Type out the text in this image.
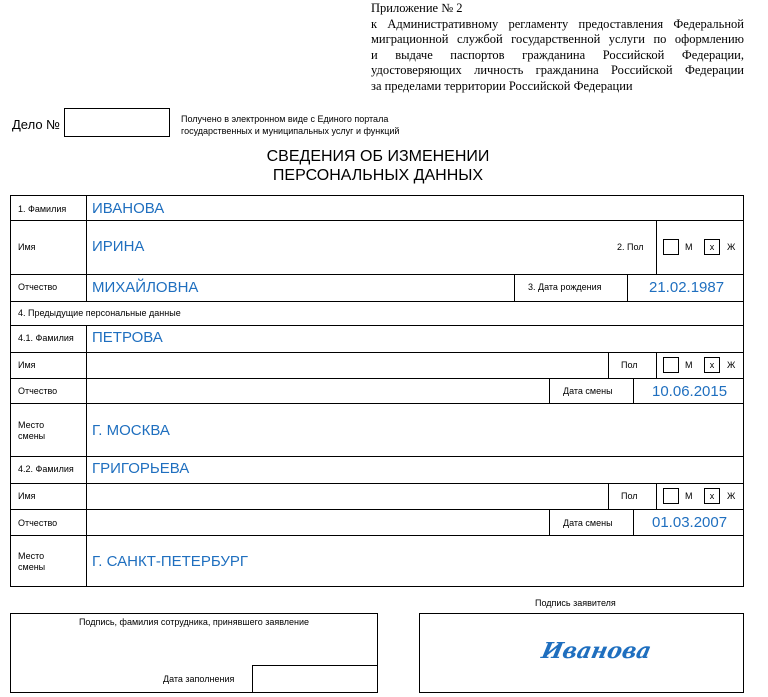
Приложение № 2
к Административному регламенту предоставления Федеральной
миграционной службой государственной услуги по оформлению
и выдаче паспортов гражданина Российской Федерации,
удостоверяющих личность гражданина Российской Федерации
за пределами территории Российской Федерации
Дело №	Получено в электронном виде с Единого портала
государственных и муниципальных услуг и функций
СВЕДЕНИЯ ОБ ИЗМЕНЕНИИ
ПЕРСОНАЛЬНЫХ ДАННЫХ
1. Фамилия ИВАНОВА
Имя	ИРИНА	2. Пол	М	х	Ж
Отчество МИХАЙЛОВНА	3. Дата рождения	21.02.1987
4. Предыдущие персональные данные
4.1. Фамилия ПЕТРОВА
Имя	Пол	М	х	Ж
Отчество	Дата смены	10.06.2015
Место
смены	Г. МОСКВА
4.2. Фамилия ГРИГОРЬЕВА
Имя	Пол	М	х	Ж
Отчество	Дата смены	01.03.2007
Место
смены	Г. САНКТ-ПЕТЕРБУРГ
Подпись заявителя
Подпись, фамилия сотрудника, принявшего заявление
Иванова
Дата заполнения
